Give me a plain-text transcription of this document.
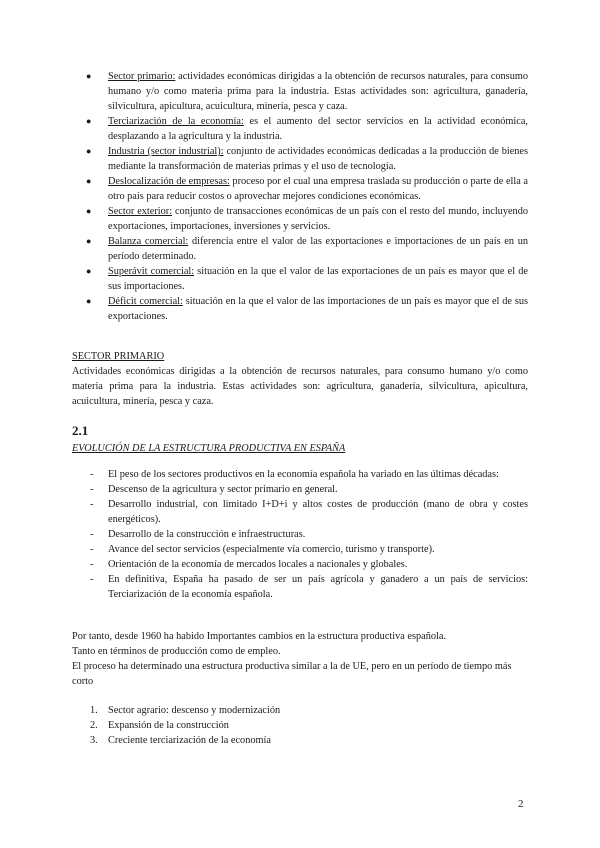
● Sector primario: actividades económicas dirigidas a la obtención de recursos naturales, para consumo humano y/o como materia prima para la industria. Estas actividades son: agricultura, ganadería, silvicultura, apicultura, acuicultura, minería, pesca y caza.
● Terciarización de la economía: es el aumento del sector servicios en la actividad económica, desplazando a la agricultura y la industria.
● Industria (sector industrial): conjunto de actividades económicas dedicadas a la producción de bienes mediante la transformación de materias primas y el uso de tecnología.
● Deslocalización de empresas: proceso por el cual una empresa traslada su producción o parte de ella a otro país para reducir costos o aprovechar mejores condiciones económicas.
● Sector exterior: conjunto de transacciones económicas de un país con el resto del mundo, incluyendo exportaciones, importaciones, inversiones y servicios.
● Balanza comercial: diferencia entre el valor de las exportaciones e importaciones de un país en un período determinado.
● Superávit comercial: situación en la que el valor de las exportaciones de un país es mayor que el de sus importaciones.
● Déficit comercial: situación en la que el valor de las importaciones de un país es mayor que el de sus exportaciones.
SECTOR PRIMARIO
Actividades económicas dirigidas a la obtención de recursos naturales, para consumo humano y/o como materia prima para la industria. Estas actividades son: agricultura, ganadería, silvicultura, apicultura, acuicultura, minería, pesca y caza.
2.1
EVOLUCIÓN DE LA ESTRUCTURA PRODUCTIVA EN ESPAÑA
- El peso de los sectores productivos en la economía española ha variado en las últimas décadas:
- Descenso de la agricultura y sector primario en general.
- Desarrollo industrial, con limitado I+D+i y altos costes de producción (mano de obra y costes energéticos).
- Desarrollo de la construcción e infraestructuras.
- Avance del sector servicios (especialmente vía comercio, turismo y transporte).
- Orientación de la economía de mercados locales a nacionales y globales.
- En definitiva, España ha pasado de ser un país agrícola y ganadero a un país de servicios: Terciarización de la economía española.
Por tanto, desde 1960 ha habido Importantes cambios en la estructura productiva española.
Tanto en términos de producción como de empleo.
El proceso ha determinado una estructura productiva similar a la de UE, pero en un período de tiempo más corto
1. Sector agrario: descenso y modernización
2. Expansión de la construcción
3. Creciente terciarización de la economía
2
